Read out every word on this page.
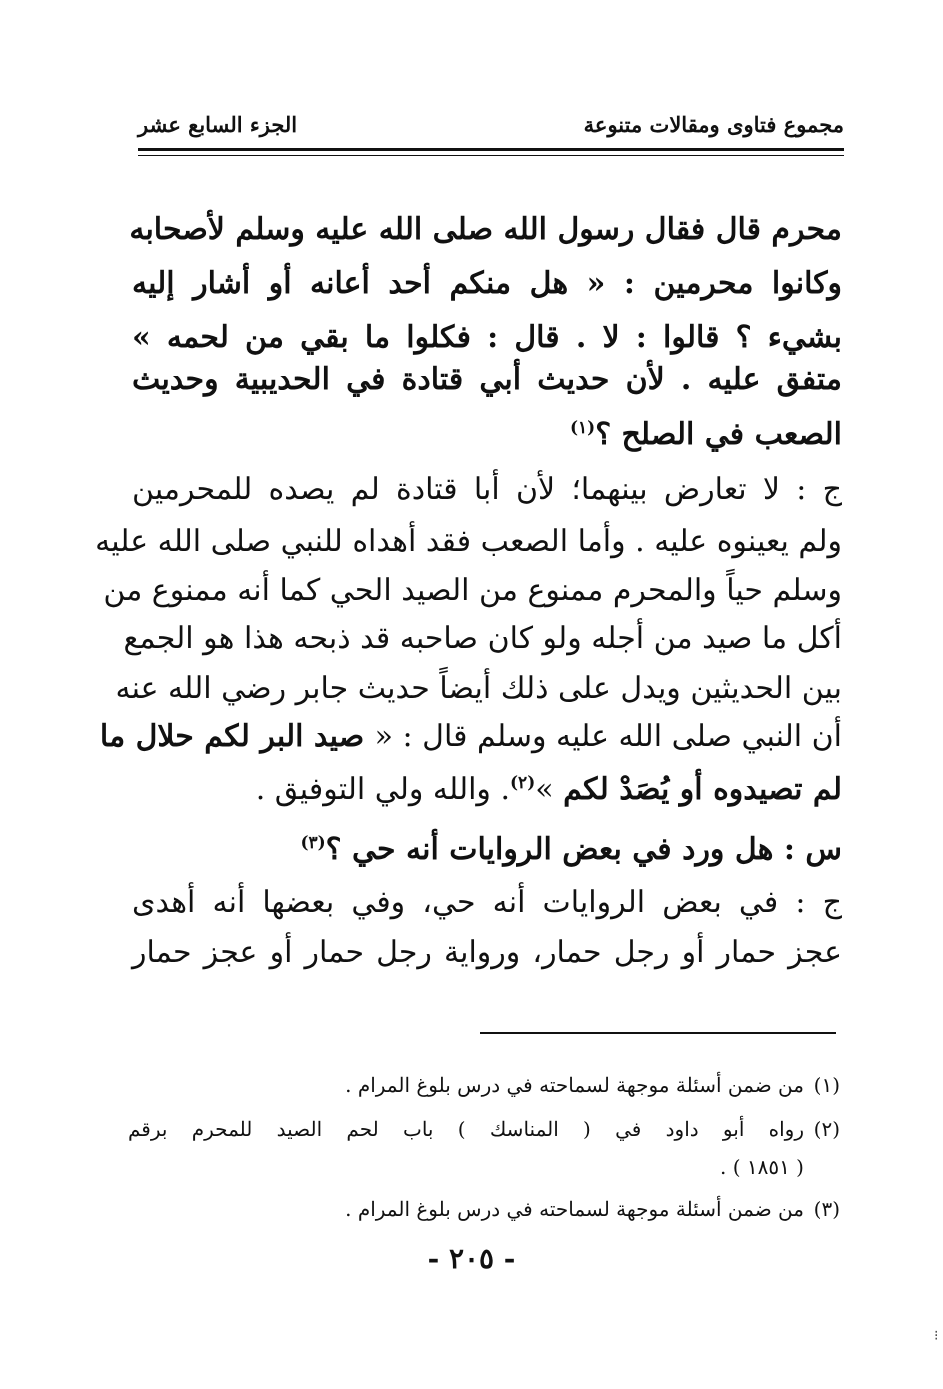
مجموع فتاوى ومقالات متنوعة
الجزء السابع عشر
محرم قال فقال رسول الله صلى الله عليه وسلم لأصحابه
وكانوا محرمين : « هل منكم أحد أعانه أو أشار إليه
بشيء ؟ قالوا : لا . قال : فكلوا ما بقي من لحمه »
متفق عليه . لأن حديث أبي قتادة في الحديبية وحديث
الصعب في الصلح ؟$^{(١)}$
ج : لا تعارض بينهما؛ لأن أبا قتادة لم يصده للمحرمين
ولم يعينوه عليه . وأما الصعب فقد أهداه للنبي صلى الله عليه
وسلم حياً والمحرم ممنوع من الصيد الحي كما أنه ممنوع من
أكل ما صيد من أجله ولو كان صاحبه قد ذبحه هذا هو الجمع
بين الحديثين ويدل على ذلك أيضاً حديث جابر رضي الله عنه
أن النبي صلى الله عليه وسلم قال : « صيد البر لكم حلال ما
لم تصيدوه أو يُصَدْ لكم »$^{(٢)}$. والله ولي التوفيق .
س : هل ورد في بعض الروايات أنه حي ؟$^{(٣)}$
ج : في بعض الروايات أنه حي، وفي بعضها أنه أهدى
عجز حمار أو رجل حمار، ورواية رجل حمار أو عجز حمار
(١)من ضمن أسئلة موجهة لسماحته في درس بلوغ المرام .
(٢)رواه أبو داود في ( المناسك ) باب لحم الصيد للمحرم برقم
( ١٨٥١ ) .
(٣)من ضمن أسئلة موجهة لسماحته في درس بلوغ المرام .
- ٢٠٥ -
⁝
